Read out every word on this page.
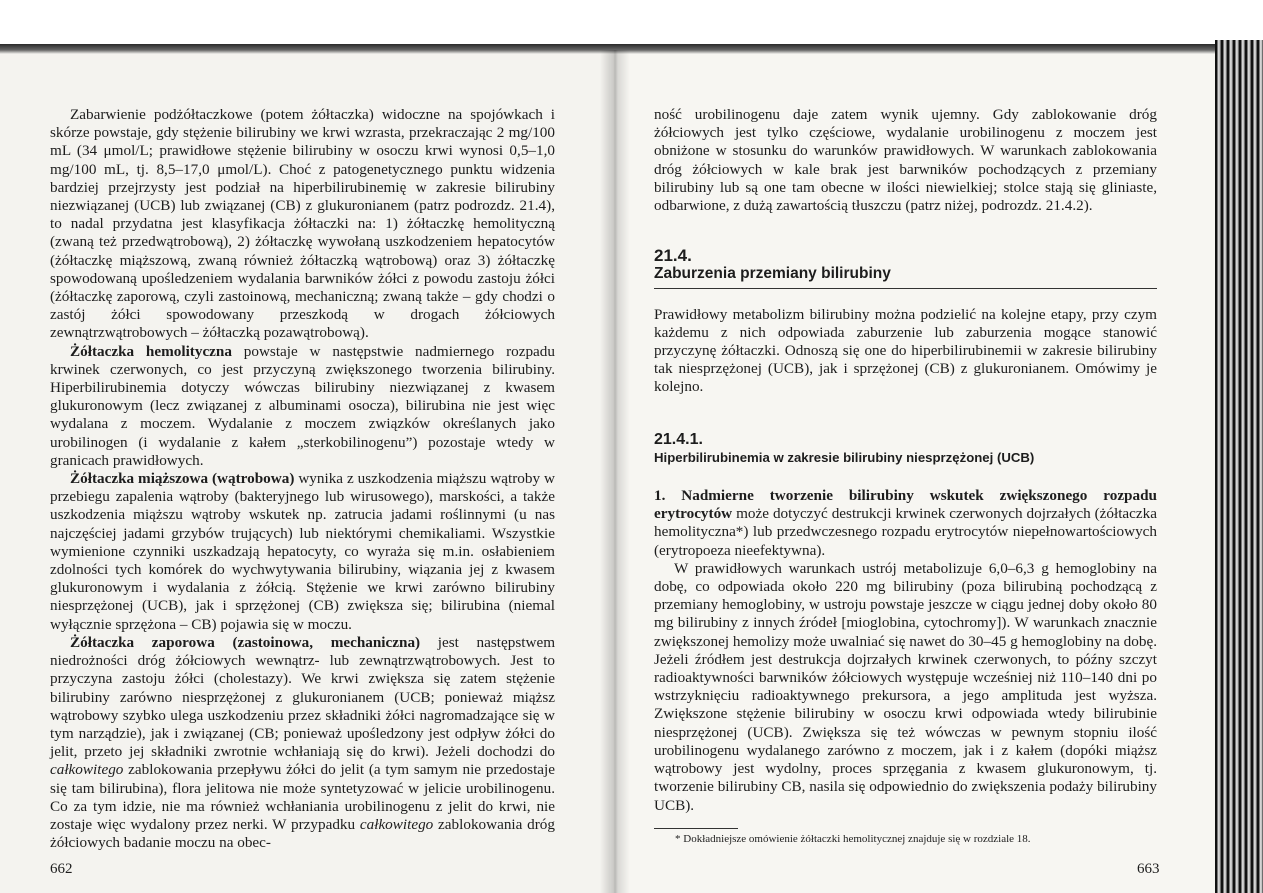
Zabarwienie podżółtaczkowe (potem żółtaczka) widoczne na spojówkach i skórze powstaje, gdy stężenie bilirubiny we krwi wzrasta, przekraczając 2 mg/100 mL (34 μmol/L; prawidłowe stężenie bilirubiny w osoczu krwi wynosi 0,5–1,0 mg/100 mL, tj. 8,5–17,0 μmol/L). Choć z patogenetycznego punktu widzenia bardziej przejrzysty jest podział na hiperbilirubinemię w zakresie bilirubiny niezwiązanej (UCB) lub związanej (CB) z glukuronianem (patrz podrozdz. 21.4), to nadal przydatna jest klasyfikacja żółtaczki na: 1) żółtaczkę hemolityczną (zwaną też przedwątrobową), 2) żółtaczkę wywołaną uszkodzeniem hepatocytów (żółtaczkę miąższową, zwaną również żółtaczką wątrobową) oraz 3) żółtaczkę spowodowaną upośledzeniem wydalania barwników żółci z powodu zastoju żółci (żółtaczkę zaporową, czyli zastoinową, mechaniczną; zwaną także – gdy chodzi o zastój żółci spowodowany przeszkodą w drogach żółciowych zewnątrzwątrobowych – żółtaczką pozawątrobową).

Żółtaczka hemolityczna powstaje w następstwie nadmiernego rozpadu krwinek czerwonych, co jest przyczyną zwiększonego tworzenia bilirubiny. Hiperbilirubinemia dotyczy wówczas bilirubiny niezwiązanej z kwasem glukuronowym (lecz związanej z albuminami osocza), bilirubina nie jest więc wydalana z moczem. Wydalanie z moczem związków określanych jako urobilinogen (i wydalanie z kałem „sterkobilinogenu”) pozostaje wtedy w granicach prawidłowych.

Żółtaczka miąższowa (wątrobowa) wynika z uszkodzenia miąższu wątroby w przebiegu zapalenia wątroby (bakteryjnego lub wirusowego), marskości, a także uszkodzenia miąższu wątroby wskutek np. zatrucia jadami roślinnymi (u nas najczęściej jadami grzybów trujących) lub niektórymi chemikaliami. Wszystkie wymienione czynniki uszkadzają hepatocyty, co wyraża się m.in. osłabieniem zdolności tych komórek do wychwytywania bilirubiny, wiązania jej z kwasem glukuronowym i wydalania z żółcią. Stężenie we krwi zarówno bilirubiny niesprzężonej (UCB), jak i sprzężonej (CB) zwiększa się; bilirubina (niemal wyłącznie sprzężona – CB) pojawia się w moczu.

Żółtaczka zaporowa (zastoinowa, mechaniczna) jest następstwem niedrożności dróg żółciowych wewnątrz- lub zewnątrzwątrobowych. Jest to przyczyna zastoju żółci (cholestazy). We krwi zwiększa się zatem stężenie bilirubiny zarówno niesprzężonej z glukuronianem (UCB; ponieważ miąższ wątrobowy szybko ulega uszkodzeniu przez składniki żółci nagromadzające się w tym narządzie), jak i związanej (CB; ponieważ upośledzony jest odpływ żółci do jelit, przeto jej składniki zwrotnie wchłaniają się do krwi). Jeżeli dochodzi do całkowitego zablokowania przepływu żółci do jelit (a tym samym nie przedostaje się tam bilirubina), flora jelitowa nie może syntetyzować w jelicie urobilinogenu. Co za tym idzie, nie ma również wchłaniania urobilinogenu z jelit do krwi, nie zostaje więc wydalony przez nerki. W przypadku całkowitego zablokowania dróg żółciowych badanie moczu na obec-

662

ność urobilinogenu daje zatem wynik ujemny. Gdy zablokowanie dróg żółciowych jest tylko częściowe, wydalanie urobilinogenu z moczem jest obniżone w stosunku do warunków prawidłowych. W warunkach zablokowania dróg żółciowych w kale brak jest barwników pochodzących z przemiany bilirubiny lub są one tam obecne w ilości niewielkiej; stolce stają się gliniaste, odbarwione, z dużą zawartością tłuszczu (patrz niżej, podrozdz. 21.4.2).

21.4.
Zaburzenia przemiany bilirubiny

Prawidłowy metabolizm bilirubiny można podzielić na kolejne etapy, przy czym każdemu z nich odpowiada zaburzenie lub zaburzenia mogące stanowić przyczynę żółtaczki. Odnoszą się one do hiperbilirubinemii w zakresie bilirubiny tak niesprzężonej (UCB), jak i sprzężonej (CB) z glukuronianem. Omówimy je kolejno.

21.4.1.
Hiperbilirubinemia w zakresie bilirubiny niesprzężonej (UCB)

1. Nadmierne tworzenie bilirubiny wskutek zwiększonego rozpadu erytrocytów może dotyczyć destrukcji krwinek czerwonych dojrzałych (żółtaczka hemolityczna*) lub przedwczesnego rozpadu erytrocytów niepełnowartościowych (erytropoeza nieefektywna).

W prawidłowych warunkach ustrój metabolizuje 6,0–6,3 g hemoglobiny na dobę, co odpowiada około 220 mg bilirubiny (poza bilirubiną pochodzącą z przemiany hemoglobiny, w ustroju powstaje jeszcze w ciągu jednej doby około 80 mg bilirubiny z innych źródeł [mioglobina, cytochromy]). W warunkach znacznie zwiększonej hemolizy może uwalniać się nawet do 30–45 g hemoglobiny na dobę. Jeżeli źródłem jest destrukcja dojrzałych krwinek czerwonych, to późny szczyt radioaktywności barwników żółciowych występuje wcześniej niż 110–140 dni po wstrzyknięciu radioaktywnego prekursora, a jego amplituda jest wyższa. Zwiększone stężenie bilirubiny w osoczu krwi odpowiada wtedy bilirubinie niesprzężonej (UCB). Zwiększa się też wówczas w pewnym stopniu ilość urobilinogenu wydalanego zarówno z moczem, jak i z kałem (dopóki miąższ wątrobowy jest wydolny, proces sprzęgania z kwasem glukuronowym, tj. tworzenie bilirubiny CB, nasila się odpowiednio do zwiększenia podaży bilirubiny UCB).

* Dokładniejsze omówienie żółtaczki hemolitycznej znajduje się w rozdziale 18.
663
